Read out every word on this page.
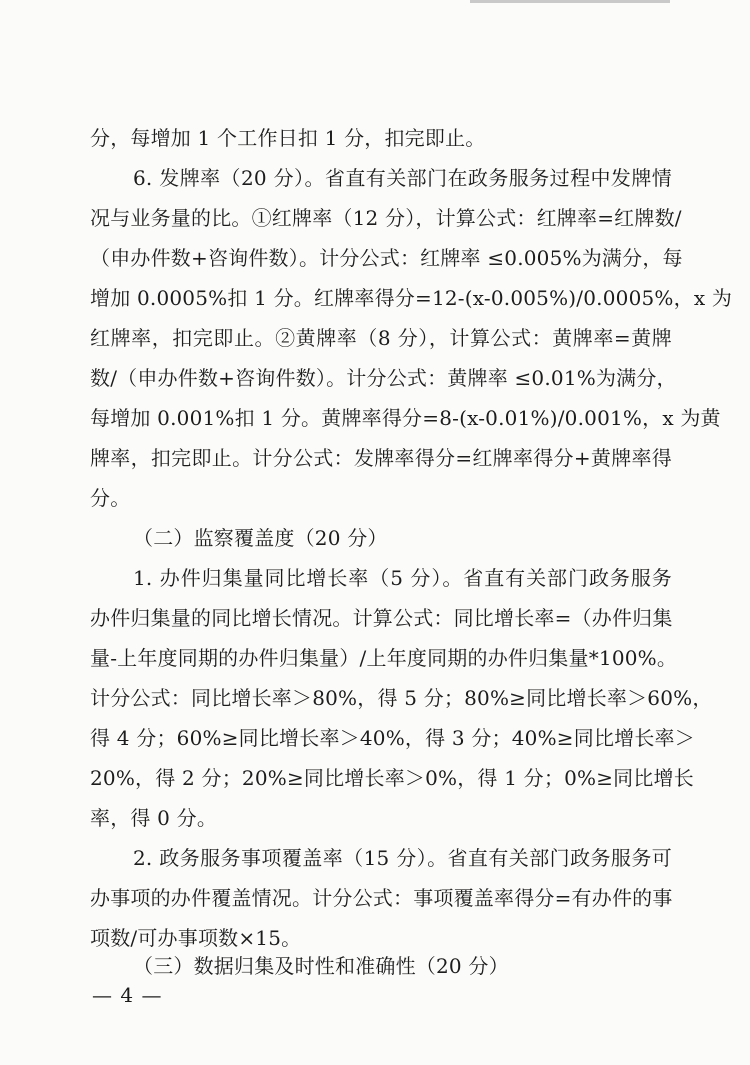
分，每增加 1 个工作日扣 1 分，扣完即止。

6. 发牌率（20 分）。省直有关部门在政务服务过程中发牌情

况与业务量的比。①红牌率（12 分），计算公式：红牌率=红牌数/

（申办件数+咨询件数）。计分公式：红牌率 ≤0.005%为满分，每

增加 0.0005%扣 1 分。红牌率得分=12-(x-0.005%)/0.0005%，x 为

红牌率，扣完即止。②黄牌率（8 分），计算公式：黄牌率=黄牌

数/（申办件数+咨询件数）。计分公式：黄牌率 ≤0.01%为满分，

每增加 0.001%扣 1 分。黄牌率得分=8-(x-0.01%)/0.001%，x 为黄

牌率，扣完即止。计分公式：发牌率得分=红牌率得分+黄牌率得

分。

（二）监察覆盖度（20 分）

1. 办件归集量同比增长率（5 分）。省直有关部门政务服务

办件归集量的同比增长情况。计算公式：同比增长率=（办件归集

量-上年度同期的办件归集量）/上年度同期的办件归集量*100%。

计分公式：同比增长率＞80%，得 5 分；80%≥同比增长率＞60%，

得 4 分；60%≥同比增长率＞40%，得 3 分；40%≥同比增长率＞

20%，得 2 分；20%≥同比增长率＞0%，得 1 分；0%≥同比增长

率，得 0 分。

2. 政务服务事项覆盖率（15 分）。省直有关部门政务服务可

办事项的办件覆盖情况。计分公式：事项覆盖率得分=有办件的事

项数/可办事项数×15。

（三）数据归集及时性和准确性（20 分）

— 4 —
